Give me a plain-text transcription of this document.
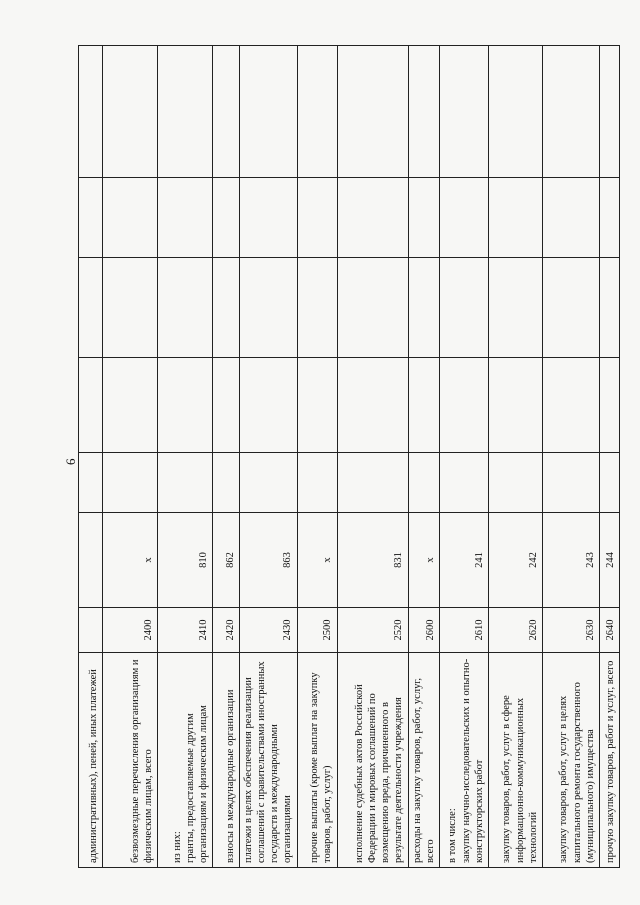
6
административных), пеней, иных платежей							

безвозмездные перечисления организациям и физическим лицам, всего	2400	x					

из них: гранты, предоставляемые другим организациям и физическим лицам	2410	810					

взносы в международные организации	2420	862					

платежи в целях обеспечения реализации соглашений с правительствами иностранных государств и международными организациями	2430	863					

прочие выплаты (кроме выплат на закупку товаров, работ, услуг)	2500	x					

исполнение судебных актов Российской Федерации и мировых соглашений по возмещению вреда, причиненного в результате деятельности учреждения	2520	831					

расходы на закупку товаров, работ, услуг, всего	2600	x					

в том числе: закупку научно-исследовательских и опытно-конструкторских работ	2610	241					

закупку товаров, работ, услуг в сфере информационно-коммуникационных технологий	2620	242					

закупку товаров, работ, услуг в целях капитального ремонта государственного (муниципального) имущества	2630	243					

прочую закупку товаров, работ и услуг, всего	2640	244					
